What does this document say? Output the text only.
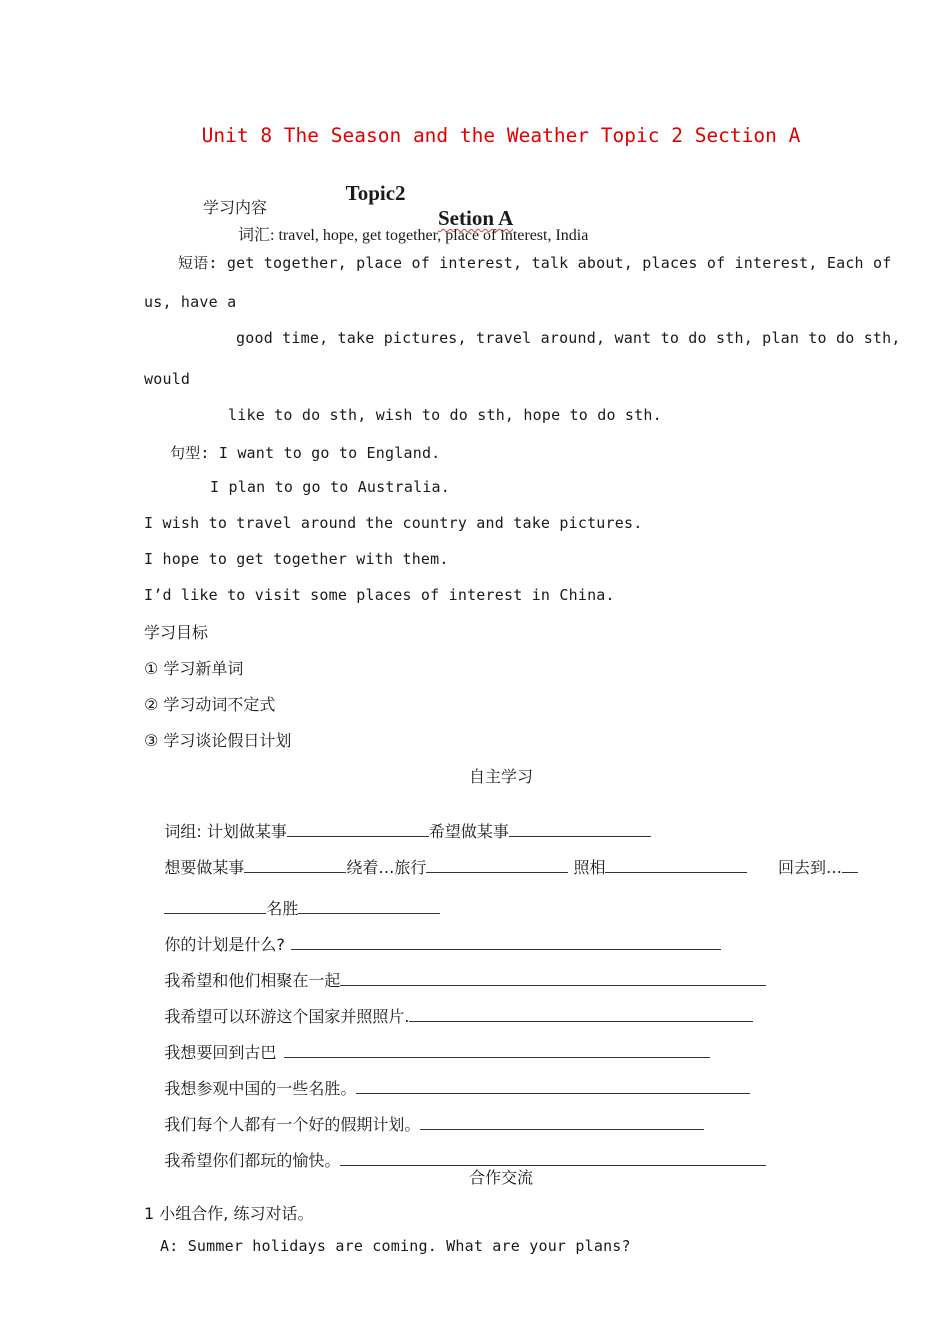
Unit 8 The Season and the Weather Topic 2 Section A

Topic2

Setion A

学习内容
词汇: travel, hope, get together, place of interest, India
短语: get together, place of interest, talk about, places of interest, Each of
us, have a
good time, take pictures, travel around, want to do sth, plan to do sth,
would
like to do sth, wish to do sth, hope to do sth.
句型: I want to go to England.
I plan to go to Australia.
I wish to travel around the country and take pictures.
I hope to get together with them.
I’d like to visit some places of interest in China.
学习目标
① 学习新单词
② 学习动词不定式
③ 学习谈论假日计划
自主学习

词组: 计划做某事	希望做某事

想要做某事	绕着…旅行	照相	回去到…

名胜

你的计划是什么?

我希望和他们相聚在一起

我希望可以环游这个国家并照照片.

我想要回到古巴

我想参观中国的一些名胜。

我们每个人都有一个好的假期计划。

我希望你们都玩的愉快。

合作交流
1 小组合作, 练习对话。
A: Summer holidays are coming. What are your plans?
